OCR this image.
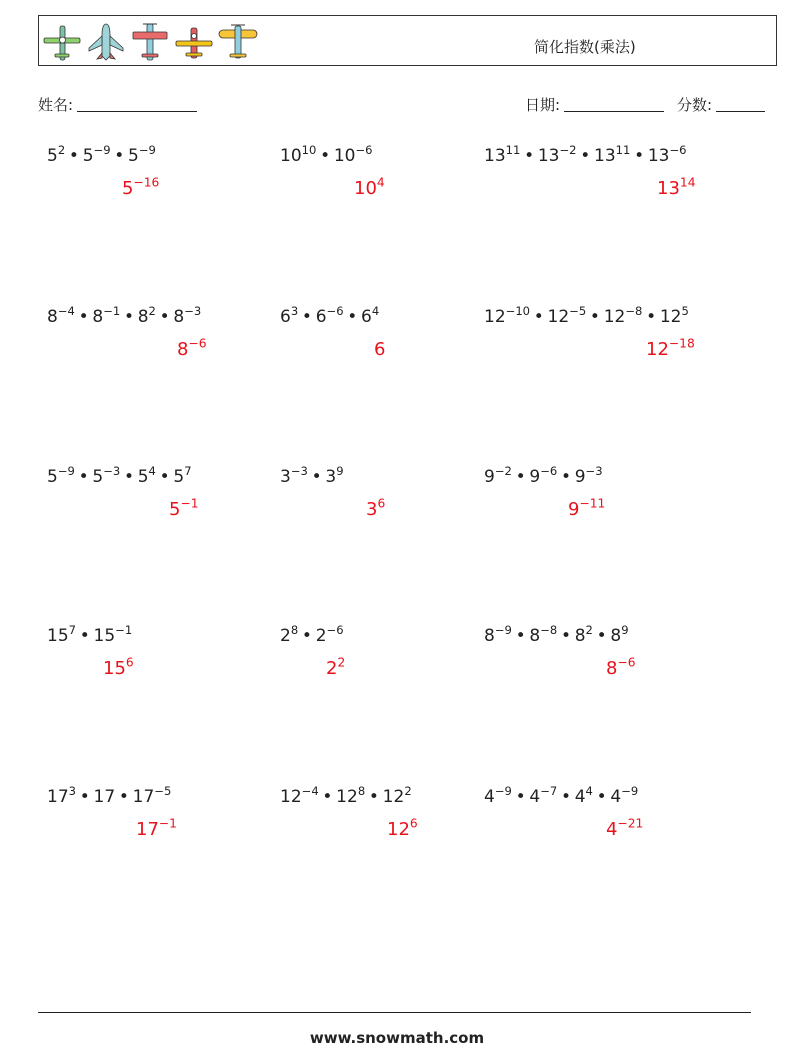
简化指数(乘法)
姓名:	日期:	分数:
$5^2$ • $5^{-9}$ • $5^{-9}$
$5^{-16}$
$10^{10}$ • $10^{-6}$
$10^4$
$13^{11}$ • $13^{-2}$ • $13^{11}$ • $13^{-6}$
$13^{14}$
$8^{-4}$ • $8^{-1}$ • $8^2$ • $8^{-3}$
$8^{-6}$
$6^3$ • $6^{-6}$ • $6^4$
6
$12^{-10}$ • $12^{-5}$ • $12^{-8}$ • $12^5$
$12^{-18}$
$5^{-9}$ • $5^{-3}$ • $5^4$ • $5^7$
$5^{-1}$
$3^{-3}$ • $3^9$
$3^6$
$9^{-2}$ • $9^{-6}$ • $9^{-3}$
$9^{-11}$
$15^7$ • $15^{-1}$
$15^6$
$2^8$ • $2^{-6}$
$2^2$
$8^{-9}$ • $8^{-8}$ • $8^2$ • $8^9$
$8^{-6}$
$17^3$ • 17 • $17^{-5}$
$17^{-1}$
$12^{-4}$ • $12^8$ • $12^2$
$12^6$
$4^{-9}$ • $4^{-7}$ • $4^4$ • $4^{-9}$
$4^{-21}$
www.snowmath.com
